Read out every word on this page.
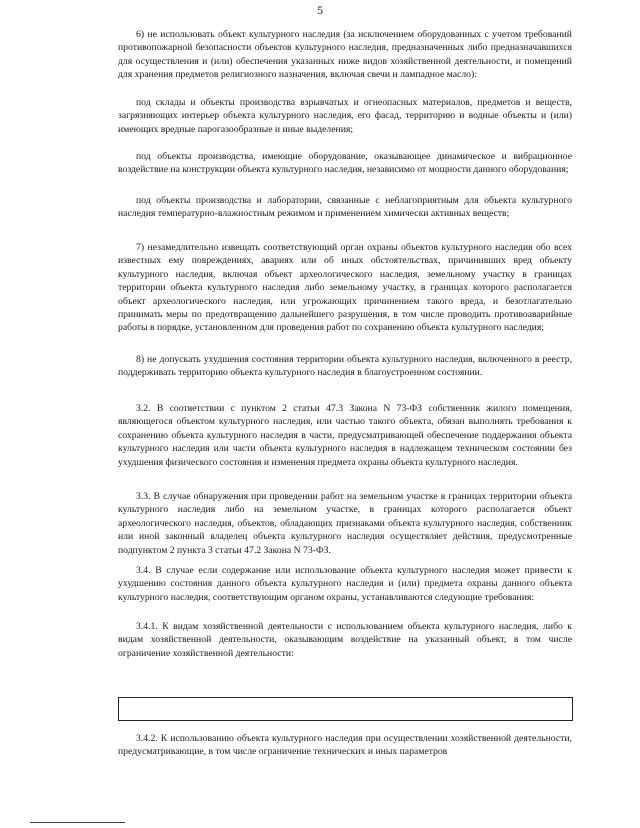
5
6) не использовать объект культурного наследия (за исключением оборудованных с учетом требований противопожарной безопасности объектов культурного наследия, предназначенных либо предназначавшихся для осуществления и (или) обеспечения указанных ниже видов хозяйственной деятельности, и помещений для хранения предметов религиозного назначения, включая свечи и лампадное масло):
под склады и объекты производства взрывчатых и огнеопасных материалов, предметов и веществ, загрязняющих интерьер объекта культурного наследия, его фасад, территорию и водные объекты и (или) имеющих вредные парогазообразные и иные выделения;
под объекты производства, имеющие оборудование, оказывающее динамическое и вибрационное воздействие на конструкции объекта культурного наследия, независимо от мощности данного оборудования;
под объекты производства и лаборатории, связанные с неблагоприятным для объекта культурного наследия температурно-влажностным режимом и применением химически активных веществ;
7) незамедлительно извещать соответствующий орган охраны объектов культурного наследия обо всех известных ему повреждениях, авариях или об иных обстоятельствах, причинивших вред объекту культурного наследия, включая объект археологического наследия, земельному участку в границах территории объекта культурного наследия либо земельному участку, в границах которого располагается объект археологического наследия, или угрожающих причинением такого вреда, и безотлагательно принимать меры по предотвращению дальнейшего разрушения, в том числе проводить противоаварийные работы в порядке, установленном для проведения работ по сохранению объекта культурного наследия;
8) не допускать ухудшения состояния территории объекта культурного наследия, включенного в реестр, поддерживать территорию объекта культурного наследия в благоустроенном состоянии.
3.2. В соответствии с пунктом 2 статьи 47.3 Закона N 73-ФЗ собственник жилого помещения, являющегося объектом культурного наследия, или частью такого объекта, обязан выполнять требования к сохранению объекта культурного наследия в части, предусматривающей обеспечение поддержания объекта культурного наследия или части объекта культурного наследия в надлежащем техническом состоянии без ухудшения физического состояния и изменения предмета охраны объекта культурного наследия.
3.3. В случае обнаружения при проведении работ на земельном участке в границах территории объекта культурного наследия либо на земельном участке, в границах которого располагается объект археологического наследия, объектов, обладающих признаками объекта культурного наследия, собственник или иной законный владелец объекта культурного наследия осуществляет действия, предусмотренные подпунктом 2 пункта 3 статьи 47.2 Закона N 73-ФЗ.
3.4. В случае если содержание или использование объекта культурного наследия может привести к ухудшению состояния данного объекта культурного наследия и (или) предмета охраны данного объекта культурного наследия, соответствующим органом охраны, устанавливаются следующие требования:
3.4.1. К видам хозяйственной деятельности с использованием объекта культурного наследия, либо к видам хозяйственной деятельности, оказывающим воздействие на указанный объект, в том числе ограничение хозяйственной деятельности:
3.4.2. К использованию объекта культурного наследия при осуществлении хозяйственной деятельности, предусматривающие, в том числе ограничение технических и иных параметров
